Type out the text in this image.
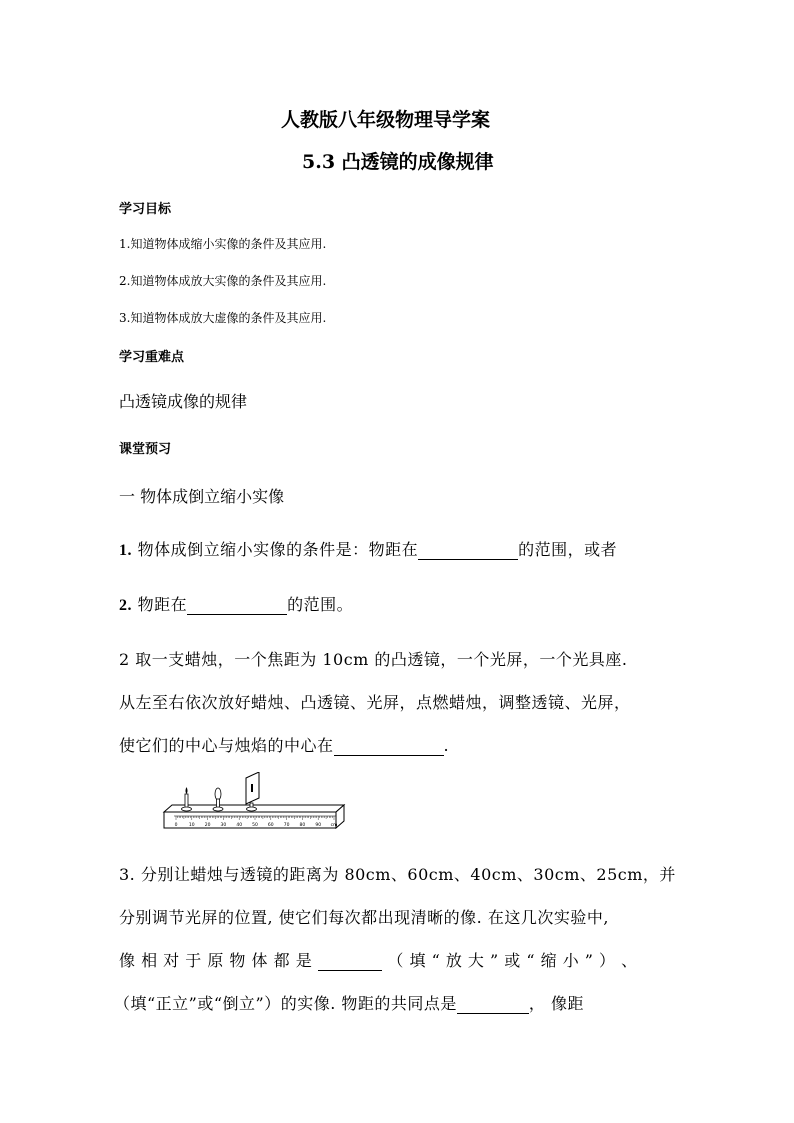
人教版八年级物理导学案
5.3 凸透镜的成像规律
学习目标
1.知道物体成缩小实像的条件及其应用.
2.知道物体成放大实像的条件及其应用.
3.知道物体成放大虚像的条件及其应用.
学习重难点
凸透镜成像的规律
课堂预习
一 物体成倒立缩小实像
1. 物体成倒立缩小实像的条件是：物距在	的范围，或者
2. 物距在	的范围。
2 取一支蜡烛，一个焦距为 10cm 的凸透镜，一个光屏，一个光具座.
从左至右依次放好蜡烛、凸透镜、光屏，点燃蜡烛，调整透镜、光屏，
使它们的中心与烛焰的中心在	.
0	10 20 30 40 50 60 70 80 90 cm
3. 分别让蜡烛与透镜的距离为 80cm、60cm、40cm、30cm、25cm，并
分别调节光屏的位置, 使它们每次都出现清晰的像. 在这几次实验中,
像 相 对 于 原 物 体 都 是	（ 填 “ 放 大 ” 或 “ 缩 小 ” ） 、
（填“正立”或“倒立”）的实像. 物距的共同点是	， 像距
